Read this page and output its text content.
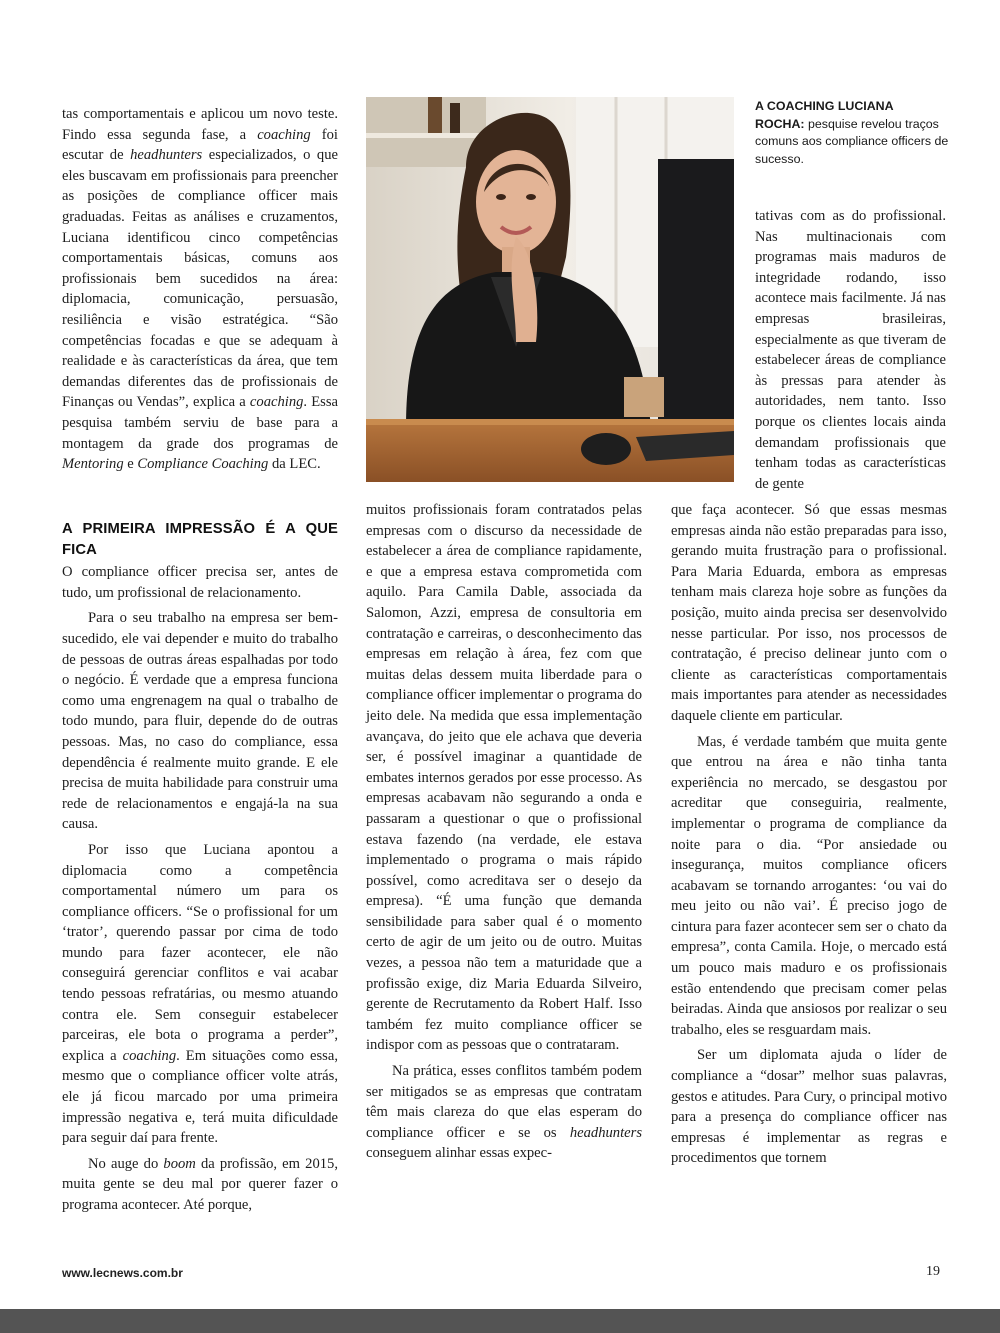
A COACHING LUCIANA
ROCHA: pesquise revelou traços comuns aos compliance officers de sucesso.

tas comportamentais e aplicou um novo teste. Findo essa segunda fase, a coaching foi escutar de headhunters especializados, o que eles buscavam em profissionais para preencher as posições de compliance officer mais graduadas. Feitas as análises e cruzamentos, Luciana identificou cinco competências comportamentais básicas, comuns aos profissionais bem sucedidos na área: diplomacia, comunicação, persuasão, resiliência e visão estratégica. “São competências focadas e que se adequam à realidade e às características da área, que tem demandas diferentes das de profissionais de Finanças ou Vendas”, explica a coaching. Essa pesquisa também serviu de base para a montagem da grade dos programas de Mentoring e Compliance Coaching da LEC.

A PRIMEIRA IMPRESSÃO É A QUE FICA

O compliance officer precisa ser, antes de tudo, um profissional de relacionamento.

Para o seu trabalho na empresa ser bem-sucedido, ele vai depender e muito do trabalho de pessoas de outras áreas espalhadas por todo o negócio. É verdade que a empresa funciona como uma engrenagem na qual o trabalho de todo mundo, para fluir, depende do de outras pessoas. Mas, no caso do compliance, essa dependência é realmente muito grande. E ele precisa de muita habilidade para construir uma rede de relacionamentos e engajá-la na sua causa.

Por isso que Luciana apontou a diplomacia como a competência comportamental número um para os compliance officers. “Se o profissional for um ‘trator’, querendo passar por cima de todo mundo para fazer acontecer, ele não conseguirá gerenciar conflitos e vai acabar tendo pessoas refratárias, ou mesmo atuando contra ele. Sem conseguir estabelecer parceiras, ele bota o programa a perder”, explica a coaching. Em situações como essa, mesmo que o compliance officer volte atrás, ele já ficou marcado por uma primeira impressão negativa e, terá muita dificuldade para seguir daí para frente.

No auge do boom da profissão, em 2015, muita gente se deu mal por querer fazer o programa acontecer. Até porque,

muitos profissionais foram contratados pelas empresas com o discurso da necessidade de estabelecer a área de compliance rapidamente, e que a empresa estava comprometida com aquilo. Para Camila Dable, associada da Salomon, Azzi, empresa de consultoria em contratação e carreiras, o desconhecimento das empresas em relação à área, fez com que muitas delas dessem muita liberdade para o compliance officer implementar o programa do jeito dele. Na medida que essa implementação avançava, do jeito que ele achava que deveria ser, é possível imaginar a quantidade de embates internos gerados por esse processo. As empresas acabavam não segurando a onda e passaram a questionar o que o profissional estava fazendo (na verdade, ele estava implementado o programa o mais rápido possível, como acreditava ser o desejo da empresa). “É uma função que demanda sensibilidade para saber qual é o momento certo de agir de um jeito ou de outro. Muitas vezes, a pessoa não tem a maturidade que a profissão exige, diz Maria Eduarda Silveiro, gerente de Recrutamento da Robert Half. Isso também fez muito compliance officer se indispor com as pessoas que o contrataram.

Na prática, esses conflitos também podem ser mitigados se as empresas que contratam têm mais clareza do que elas esperam do compliance officer e se os headhunters conseguem alinhar essas expec-

tativas com as do profissional. Nas multinacionais com programas mais maduros de integridade rodando, isso acontece mais facilmente. Já nas empresas brasileiras, especialmente as que tiveram de estabelecer áreas de compliance às pressas para atender às autoridades, nem tanto. Isso porque os clientes locais ainda demandam profissionais que tenham todas as características de gente

que faça acontecer. Só que essas mesmas empresas ainda não estão preparadas para isso, gerando muita frustração para o profissional. Para Maria Eduarda, embora as empresas tenham mais clareza hoje sobre as funções da posição, muito ainda precisa ser desenvolvido nesse particular. Por isso, nos processos de contratação, é preciso delinear junto com o cliente as características comportamentais mais importantes para atender as necessidades daquele cliente em particular.

Mas, é verdade também que muita gente que entrou na área e não tinha tanta experiência no mercado, se desgastou por acreditar que conseguiria, realmente, implementar o programa de compliance da noite para o dia. “Por ansiedade ou insegurança, muitos compliance oficers acabavam se tornando arrogantes: ‘ou vai do meu jeito ou não vai’. É preciso jogo de cintura para fazer acontecer sem ser o chato da empresa”, conta Camila. Hoje, o mercado está um pouco mais maduro e os profissionais estão entendendo que precisam comer pelas beiradas. Ainda que ansiosos por realizar o seu trabalho, eles se resguardam mais.

Ser um diplomata ajuda o líder de compliance a “dosar” melhor suas palavras, gestos e atitudes. Para Cury, o principal motivo para a presença do compliance officer nas empresas é implementar as regras e procedimentos que tornem

www.lecnews.com.br	19
